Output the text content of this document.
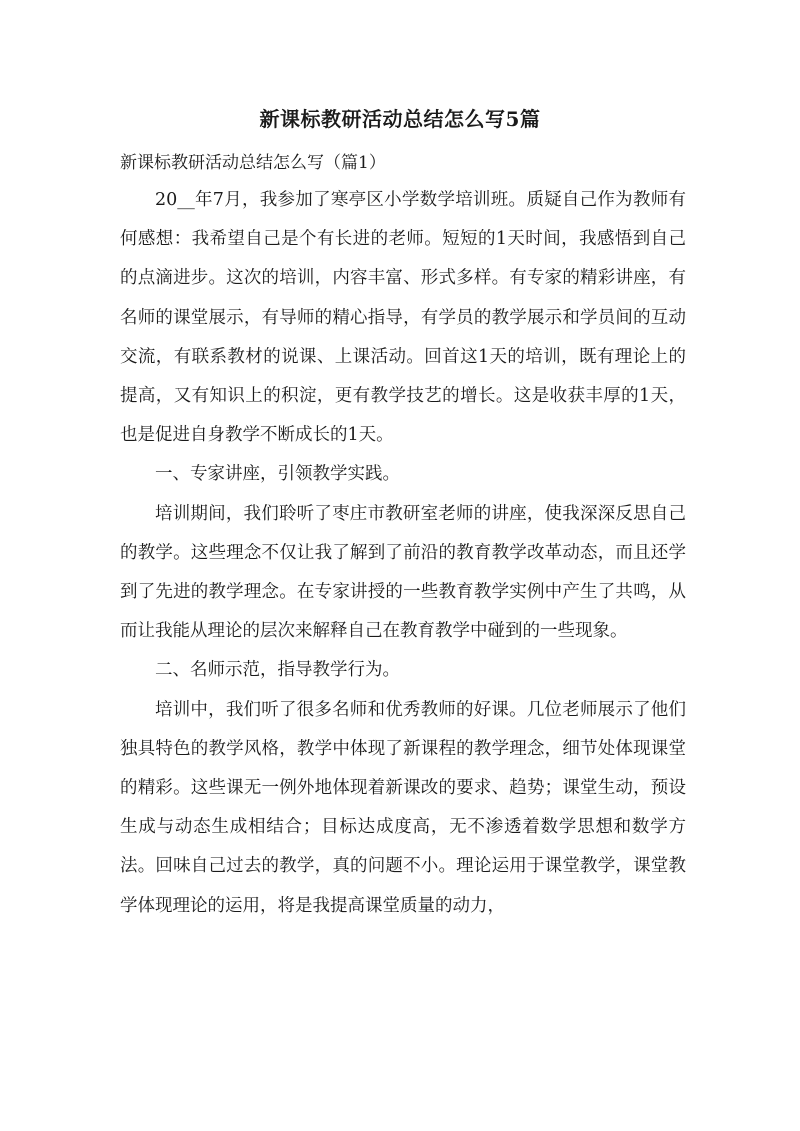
新课标教研活动总结怎么写5篇

新课标教研活动总结怎么写（篇1）

20__年7月，我参加了寒亭区小学数学培训班。质疑自己作为教师有何感想：我希望自己是个有长进的老师。短短的1天时间，我感悟到自己的点滴进步。这次的培训，内容丰富、形式多样。有专家的精彩讲座，有名师的课堂展示，有导师的精心指导，有学员的教学展示和学员间的互动交流，有联系教材的说课、上课活动。回首这1天的培训，既有理论上的提高，又有知识上的积淀，更有教学技艺的增长。这是收获丰厚的1天，也是促进自身教学不断成长的1天。

一、专家讲座，引领教学实践。

培训期间，我们聆听了枣庄市教研室老师的讲座，使我深深反思自己的教学。这些理念不仅让我了解到了前沿的教育教学改革动态，而且还学到了先进的教学理念。在专家讲授的一些教育教学实例中产生了共鸣，从而让我能从理论的层次来解释自己在教育教学中碰到的一些现象。

二、名师示范，指导教学行为。

培训中，我们听了很多名师和优秀教师的好课。几位老师展示了他们独具特色的教学风格，教学中体现了新课程的教学理念，细节处体现课堂的精彩。这些课无一例外地体现着新课改的要求、趋势；课堂生动，预设生成与动态生成相结合；目标达成度高，无不渗透着数学思想和数学方法。回味自己过去的教学，真的问题不小。理论运用于课堂教学，课堂教学体现理论的运用，将是我提高课堂质量的动力，
